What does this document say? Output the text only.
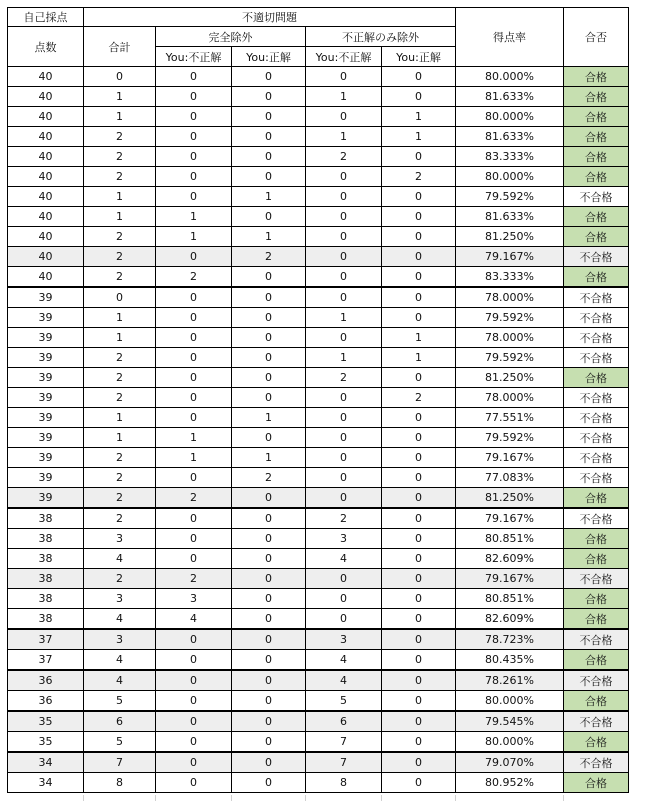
自己採点	不適切問題					得点率	合否
点数	合計	完全除外		不正解のみ除外			
		You:不正解	You:正解	You:不正解	You:正解		
40	0	0	0	0	0	80.000%	合格
40	1	0	0	1	0	81.633%	合格
40	1	0	0	0	1	80.000%	合格
40	2	0	0	1	1	81.633%	合格
40	2	0	0	2	0	83.333%	合格
40	2	0	0	0	2	80.000%	合格
40	1	0	1	0	0	79.592%	不合格
40	1	1	0	0	0	81.633%	合格
40	2	1	1	0	0	81.250%	合格
40	2	0	2	0	0	79.167%	不合格
40	2	2	0	0	0	83.333%	合格
39	0	0	0	0	0	78.000%	不合格
39	1	0	0	1	0	79.592%	不合格
39	1	0	0	0	1	78.000%	不合格
39	2	0	0	1	1	79.592%	不合格
39	2	0	0	2	0	81.250%	合格
39	2	0	0	0	2	78.000%	不合格
39	1	0	1	0	0	77.551%	不合格
39	1	1	0	0	0	79.592%	不合格
39	2	1	1	0	0	79.167%	不合格
39	2	0	2	0	0	77.083%	不合格
39	2	2	0	0	0	81.250%	合格
38	2	0	0	2	0	79.167%	不合格
38	3	0	0	3	0	80.851%	合格
38	4	0	0	4	0	82.609%	合格
38	2	2	0	0	0	79.167%	不合格
38	3	3	0	0	0	80.851%	合格
38	4	4	0	0	0	82.609%	合格
37	3	0	0	3	0	78.723%	不合格
37	4	0	0	4	0	80.435%	合格
36	4	0	0	4	0	78.261%	不合格
36	5	0	0	5	0	80.000%	合格
35	6	0	0	6	0	79.545%	不合格
35	5	0	0	7	0	80.000%	合格
34	7	0	0	7	0	79.070%	不合格
34	8	0	0	8	0	80.952%	合格
